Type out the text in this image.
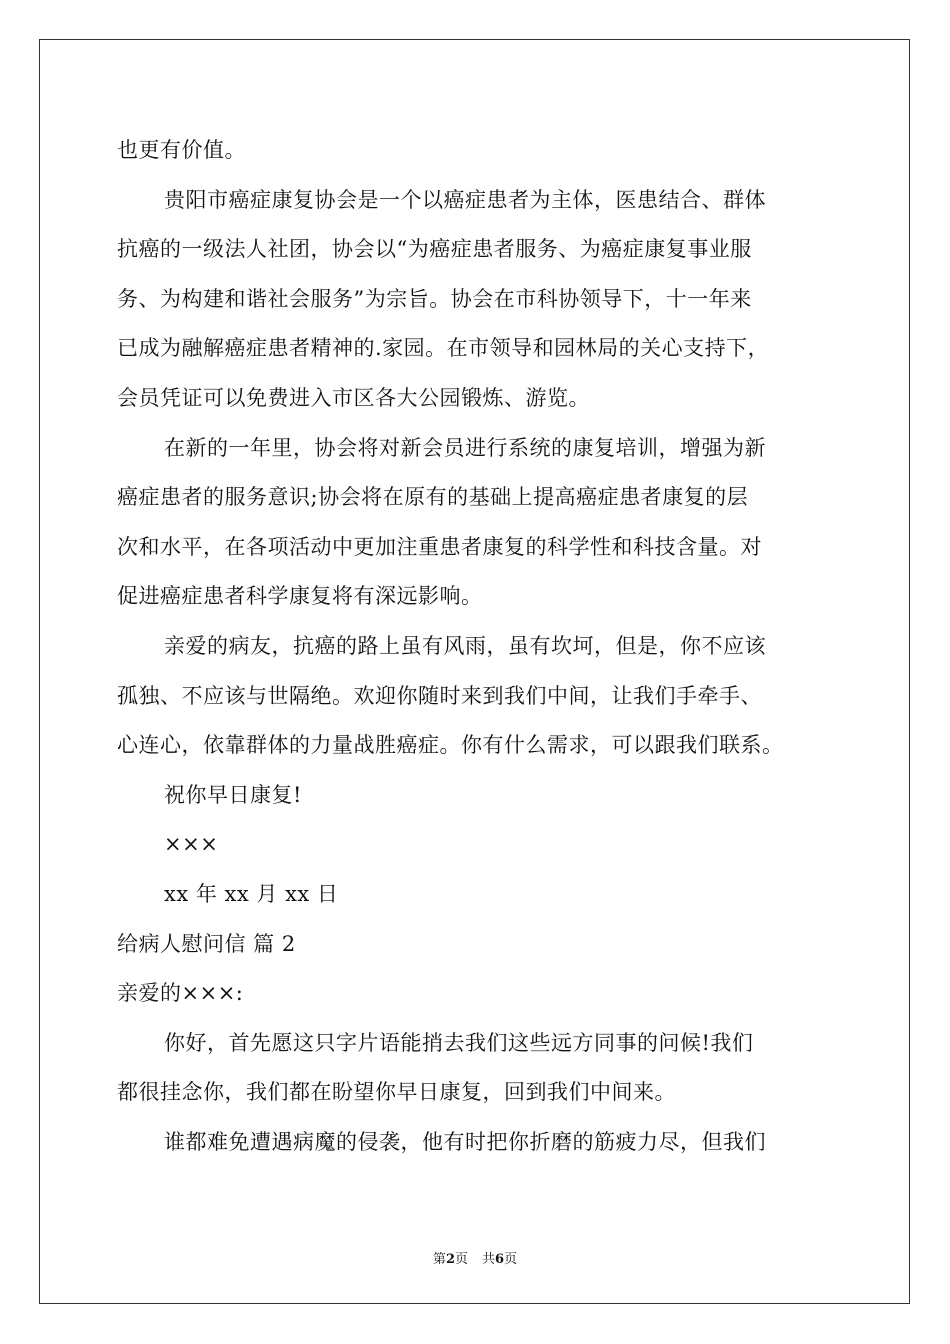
也更有价值。
贵阳市癌症康复协会是一个以癌症患者为主体，医患结合、群体
抗癌的一级法人社团，协会以“为癌症患者服务、为癌症康复事业服
务、为构建和谐社会服务”为宗旨。协会在市科协领导下，十一年来
已成为融解癌症患者精神的.家园。在市领导和园林局的关心支持下，
会员凭证可以免费进入市区各大公园锻炼、游览。
在新的一年里，协会将对新会员进行系统的康复培训，增强为新
癌症患者的服务意识;协会将在原有的基础上提高癌症患者康复的层
次和水平，在各项活动中更加注重患者康复的科学性和科技含量。对
促进癌症患者科学康复将有深远影响。
亲爱的病友，抗癌的路上虽有风雨，虽有坎坷，但是，你不应该
孤独、不应该与世隔绝。欢迎你随时来到我们中间，让我们手牵手、
心连心，依靠群体的力量战胜癌症。你有什么需求，可以跟我们联系。
祝你早日康复!
×××
xx 年 xx 月 xx 日
给病人慰问信 篇 2
亲爱的×××:
你好，首先愿这只字片语能捎去我们这些远方同事的问候!我们
都很挂念你，我们都在盼望你早日康复，回到我们中间来。
谁都难免遭遇病魔的侵袭，他有时把你折磨的筋疲力尽，但我们
第2页 共6页
